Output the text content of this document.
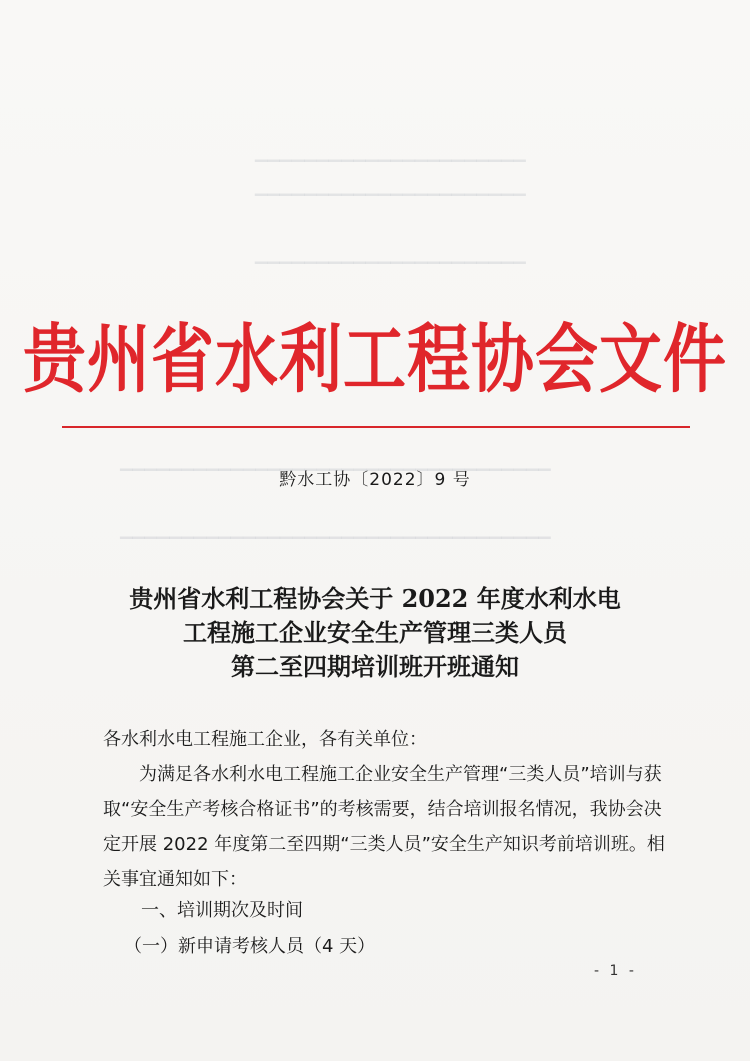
▁▁▁▁▁▁▁▁▁▁▁▁▁▁▁▁▁▁▁▁▁▁
▁▁▁▁▁▁▁▁▁▁▁▁▁▁▁▁▁▁▁▁▁▁
▁▁▁▁▁▁▁▁▁▁▁▁▁▁▁▁▁▁▁▁▁▁
▁▁▁▁▁▁▁▁▁▁▁▁▁▁▁▁▁▁▁▁▁▁▁▁▁▁▁▁▁▁▁▁▁▁▁
▁▁▁▁▁▁▁▁▁▁▁▁▁▁▁▁▁▁▁▁▁▁▁▁▁▁▁▁▁▁▁▁▁▁▁
贵州省水利工程协会文件
黔水工协〔2022〕9 号
贵州省水利工程协会关于 2022 年度水利水电
工程施工企业安全生产管理三类人员
第二至四期培训班开班通知

各水利水电工程施工企业，各有关单位：

为满足各水利水电工程施工企业安全生产管理“三类人员”培训与获取“安全生产考核合格证书”的考核需要，结合培训报名情况，我协会决定开展 2022 年度第二至四期“三类人员”安全生产知识考前培训班。相关事宜通知如下：

一、培训期次及时间
（一）新申请考核人员（4 天）
- 1 -
